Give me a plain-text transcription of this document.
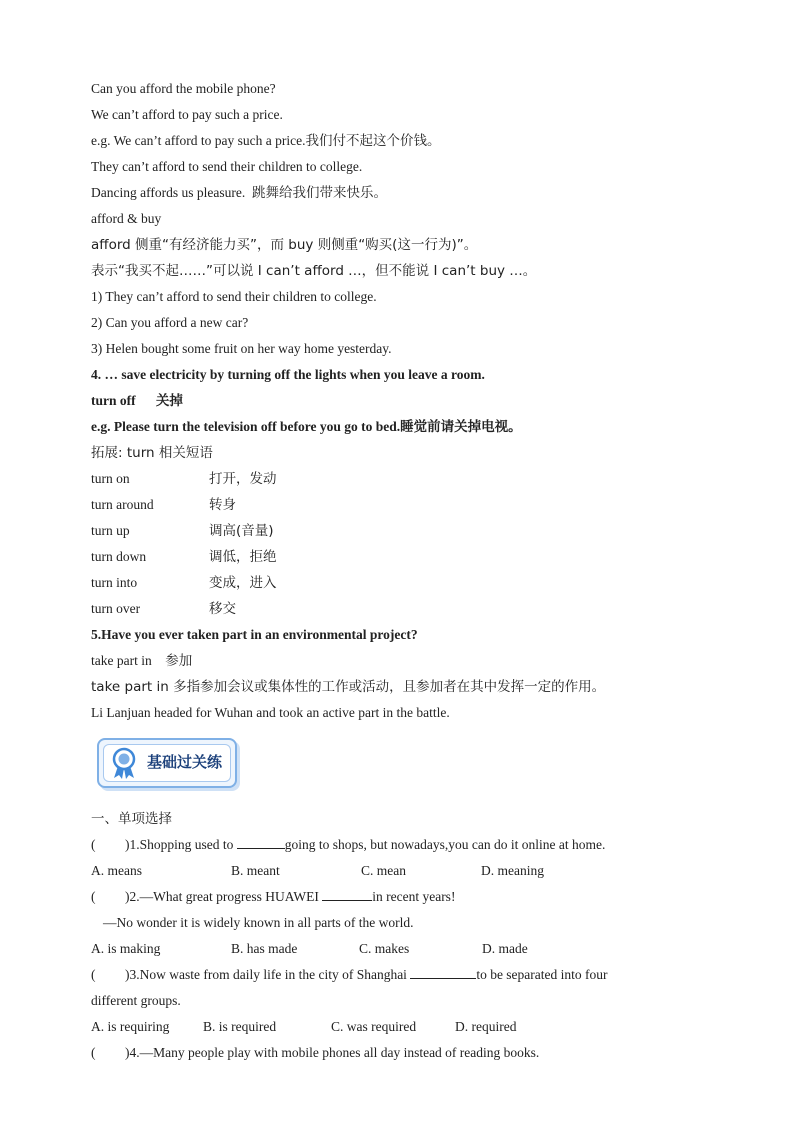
Can you afford the mobile phone?
We can’t afford to pay such a price.
e.g. We can’t afford to pay such a price.我们付不起这个价钱。
They can’t afford to send their children to college.
Dancing affords us pleasure. 跳舞给我们带来快乐。
afford & buy
afford 侧重“有经济能力买”，而 buy 则侧重“购买(这一行为)”。
表示“我买不起……”可以说 I can’t afford …，但不能说 I can’t buy …。
1) They can’t afford to send their children to college.
2) Can you afford a new car?
3) Helen bought some fruit on her way home yesterday.
4. … save electricity by turning off the lights when you leave a room.
turn off 关掉
e.g. Please turn the television off before you go to bed.睡觉前请关掉电视。
拓展: turn 相关短语
turn on	打开，发动
turn around	转身
turn up	调高(音量)
turn down	调低，拒绝
turn into	变成，进入
turn over	移交
5.Have you ever taken part in an environmental project?
take part in 参加
take part in 多指参加会议或集体性的工作或活动，且参加者在其中发挥一定的作用。
Li Lanjuan headed for Wuhan and took an active part in the battle.
基础过关练
一、单项选择
( )1.Shopping used to	going to shops, but nowadays,you can do it online at home.
A. means	B. meant	C. mean	D. meaning
( )2.—What great progress HUAWEI	in recent years!
—No wonder it is widely known in all parts of the world.
A. is making	B. has made	C. makes	D. made
( )3.Now waste from daily life in the city of Shanghai	to be separated into four
different groups.
A. is requiring	B. is required	C. was required	D. required
( )4.—Many people play with mobile phones all day instead of reading books.
